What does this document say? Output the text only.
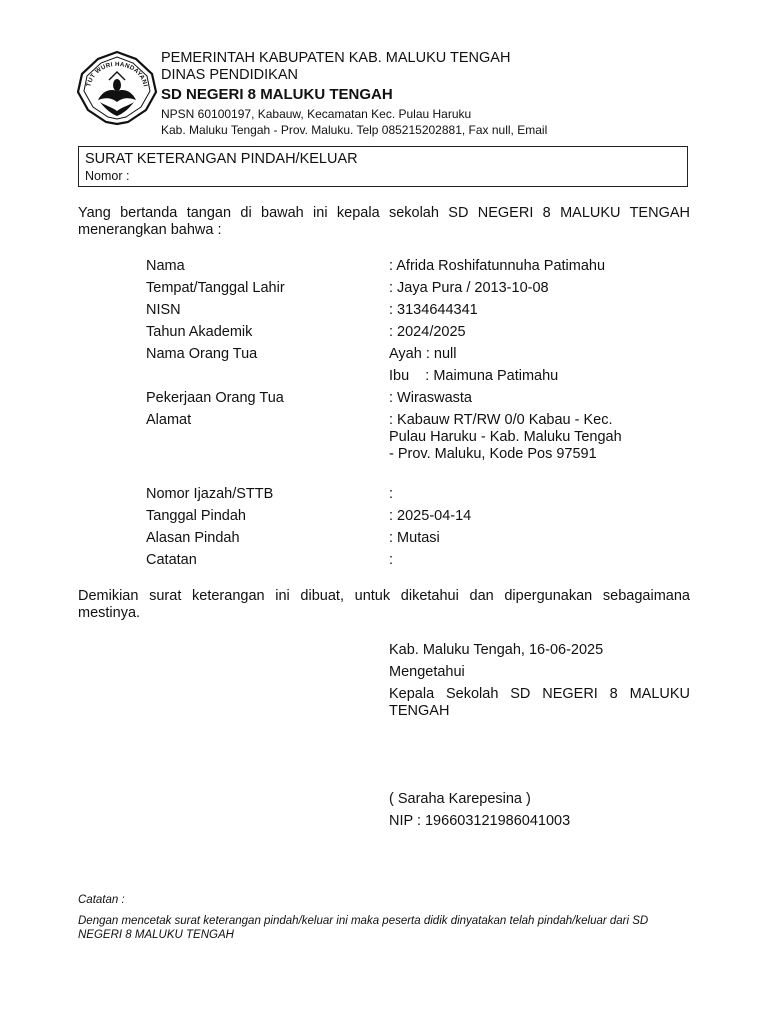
TUT WURI HANDAYANI
PEMERINTAH KABUPATEN KAB. MALUKU TENGAH
DINAS PENDIDIKAN
SD NEGERI 8 MALUKU TENGAH
NPSN 60100197, Kabauw, Kecamatan Kec. Pulau Haruku
Kab. Maluku Tengah - Prov. Maluku. Telp 085215202881, Fax null, Email
SURAT KETERANGAN PINDAH/KELUAR
Nomor :
Yang bertanda tangan di bawah ini kepala sekolah SD NEGERI 8 MALUKU TENGAH menerangkan bahwa :
Nama	: Afrida Roshifatunnuha Patimahu
Tempat/Tanggal Lahir	: Jaya Pura / 2013-10-08
NISN	: 3134644341
Tahun Akademik	: 2024/2025
Nama Orang Tua	Ayah : null
Ibu    : Maimuna Patimahu
Pekerjaan Orang Tua	: Wiraswasta
Alamat	: Kabauw RT/RW 0/0 Kabau - Kec. Pulau Haruku - Kab. Maluku Tengah - Prov. Maluku, Kode Pos 97591
Nomor Ijazah/STTB	:
Tanggal Pindah	: 2025-04-14
Alasan Pindah	: Mutasi
Catatan	:
Demikian surat keterangan ini dibuat, untuk diketahui dan dipergunakan sebagaimana mestinya.
Kab. Maluku Tengah, 16-06-2025
Mengetahui
Kepala Sekolah SD NEGERI 8 MALUKU TENGAH
( Saraha Karepesina )
NIP : 196603121986041003
Catatan :
Dengan mencetak surat keterangan pindah/keluar ini maka peserta didik dinyatakan telah pindah/keluar dari SD NEGERI 8 MALUKU TENGAH
